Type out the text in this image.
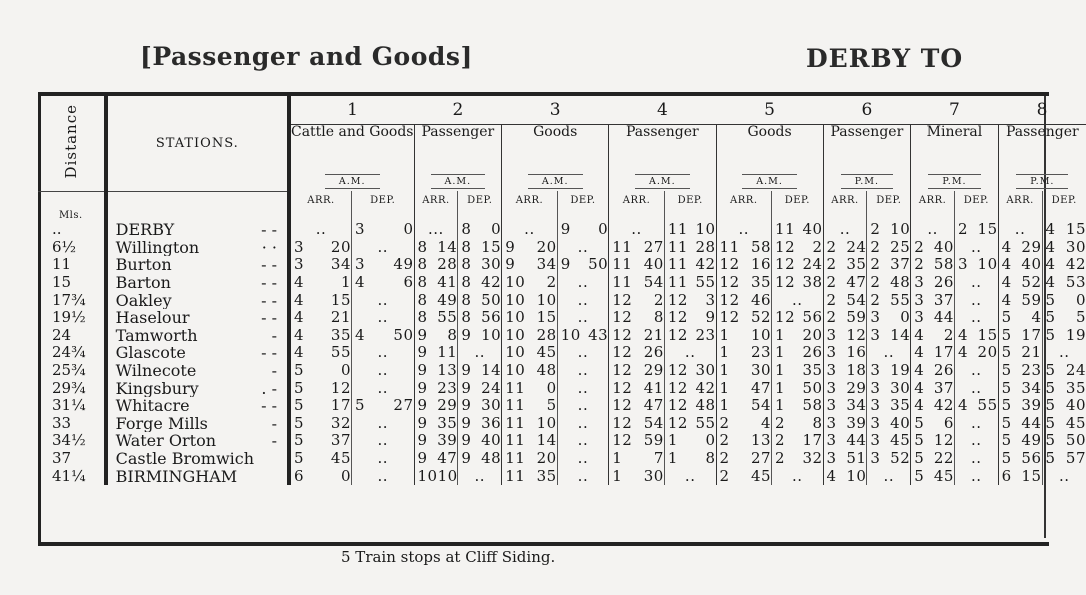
[Passenger and Goods]	DERBY TO
Distance	STATIONS.	1		2		3		4		5		6		7		8	
		Cattle and Goods		Passenger		Goods		Passenger		Goods		Passenger		Mineral		Passenger	
		A.M.		A.M.		A.M.		A.M.		A.M.		P.M.		P.M.		P.M.	
Mls.		ARR.	DEP.	ARR.	DEP.	ARR.	DEP.	ARR.	DEP.	ARR.	DEP.	ARR.	DEP.	ARR.	DEP.	ARR.	DEP.

..	DERBY - -	..	3 0	...	8 0	..	9 0	..	11 10	..	11 40	..	2 10	..	2 15	..	4 15
6½	Willington · ·	3 20	..	8 14	8 15	9 20	..	11 27	11 28	11 58	12 2	2 24	2 25	2 40	..	4 29	4 30
11	Burton - -	3 34	3 49	8 28	8 30	9 34	9 50	11 40	11 42	12 16	12 24	2 35	2 37	2 58	3 10	4 40	4 42
15	Barton - -	4 1	4 6	8 41	8 42	10 2	..	11 54	11 55	12 35	12 38	2 47	2 48	3 26	..	4 52	4 53
17¾	Oakley - -	4 15	..	8 49	8 50	10 10	..	12 2	12 3	12 46	..	2 54	2 55	3 37	..	4 59	5 0
19½	Haselour - -	4 21	..	8 55	8 56	10 15	..	12 8	12 9	12 52	12 56	2 59	3 0	3 44	..	5 4	5 5
24	Tamworth -	4 35	4 50	9 8	9 10	10 28	10 43	12 21	12 23	1 10	1 20	3 12	3 14	4 2	4 15	5 17	5 19
24¾	Glascote - -	4 55	..	9 11	..	10 45	..	12 26	..	1 23	1 26	3 16	..	4 17	4 20	5 21	..
25¾	Wilnecote -	5 0	..	9 13	9 14	10 48	..	12 29	12 30	1 30	1 35	3 18	3 19	4 26	..	5 23	5 24
29¾	Kingsbury . -	5 12	..	9 23	9 24	11 0	..	12 41	12 42	1 47	1 50	3 29	3 30	4 37	..	5 34	5 35
31¼	Whitacre - -	5 17	5 27	9 29	9 30	11 5	..	12 47	12 48	1 54	1 58	3 34	3 35	4 42	4 55	5 39	5 40
33	Forge Mills -	5 32	..	9 35	9 36	11 10	..	12 54	12 55	2 4	2 8	3 39	3 40	5 6	..	5 44	5 45
34½	Water Orton -	5 37	..	9 39	9 40	11 14	..	12 59	1 0	2 13	2 17	3 44	3 45	5 12	..	5 49	5 50
37	Castle Bromwich	5 45	..	9 47	9 48	11 20	..	1 7	1 8	2 27	2 32	3 51	3 52	5 22	..	5 56	5 57
41¼	BIRMINGHAM	6 0	..	10 10	..	11 35	..	1 30	..	2 45	..	4 10	..	5 45	..	6 15	..
5 Train stops at Cliff Siding.
